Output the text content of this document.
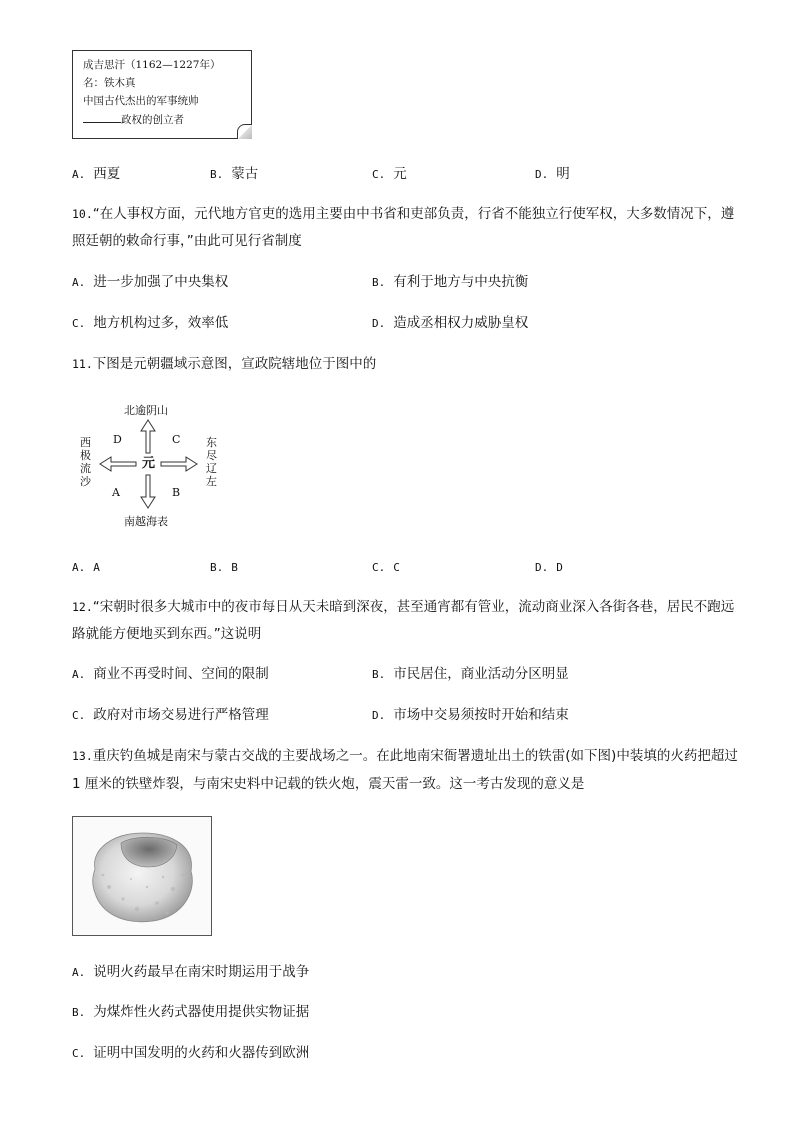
成吉思汗（1162—1227年）
名：铁木真
中国古代杰出的军事统帅
政权的创立者
A. 西夏	B. 蒙古	C. 元	D. 明
10.“在人事权方面，元代地方官吏的选用主要由中书省和吏部负责，行省不能独立行使军权，大多数情况下，遵
照廷朝的敕命行事，”由此可见行省制度
A. 进一步加强了中央集权	B. 有利于地方与中央抗衡
C. 地方机构过多，效率低	D. 造成丞相权力威胁皇权
11.下图是元朝疆域示意图，宣政院辖地位于图中的
北逾阴山
南越海表
西极流沙
东尽辽左
元
D	C
A	B
A. A	B. B	C. C	D. D
12.“宋朝时很多大城市中的夜市每日从天未暗到深夜，甚至通宵都有管业，流动商业深入各街各巷，居民不跑远
路就能方便地买到东西。”这说明
A. 商业不再受时间、空间的限制	B. 市民居住，商业活动分区明显
C. 政府对市场交易进行严格管理	D. 市场中交易须按时开始和结束
13.重庆钓鱼城是南宋与蒙古交战的主要战场之一。在此地南宋衙署遗址出土的铁雷(如下图)中装填的火药把超过
1 厘米的铁壁炸裂，与南宋史料中记载的铁火炮，震天雷一致。这一考古发现的意义是
A. 说明火药最早在南宋时期运用于战争
B. 为煤炸性火药式器使用提供实物证据
C. 证明中国发明的火药和火器传到欧洲
